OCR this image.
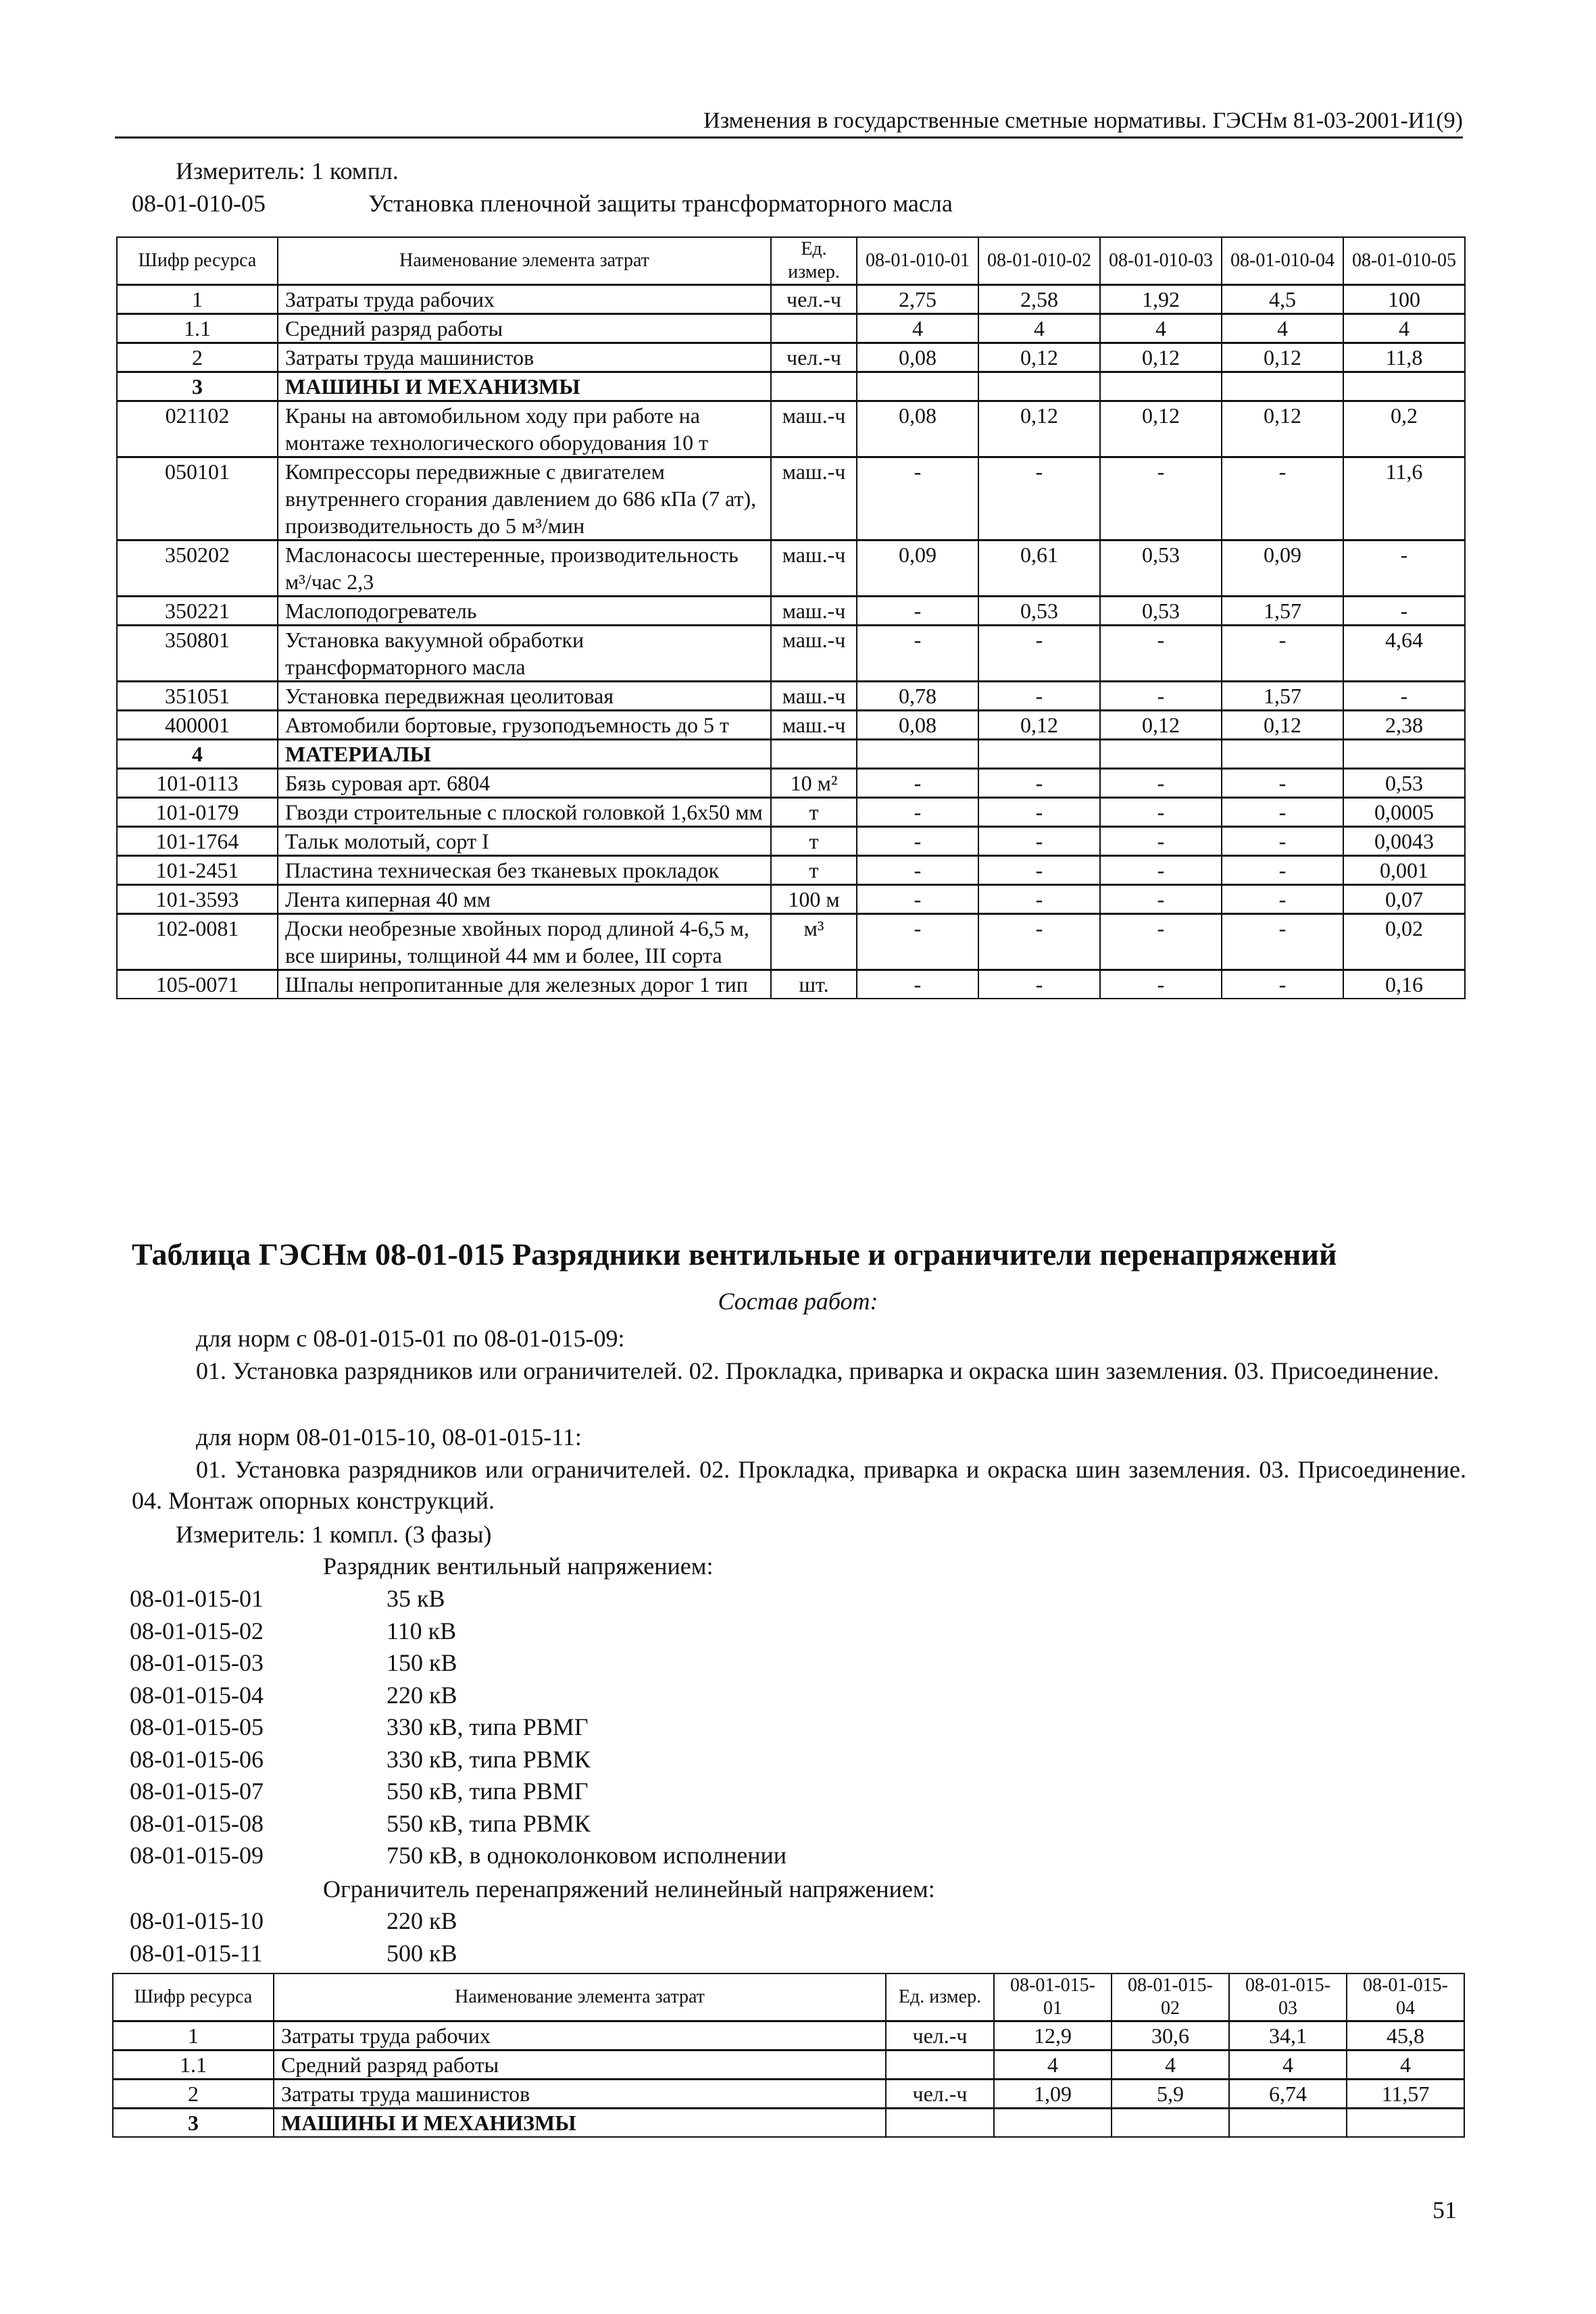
Изменения в государственные сметные нормативы. ГЭСНм 81-03-2001-И1(9)
Измеритель: 1 компл.
08-01-010-05	Установка пленочной защиты трансформаторного масла
Шифр ресурса	Наименование элемента затрат	Ед. измер.	08-01-010-01	08-01-010-02	08-01-010-03	08-01-010-04	08-01-010-05
1	Затраты труда рабочих	чел.-ч	2,75	2,58	1,92	4,5	100
1.1	Средний разряд работы		4	4	4	4	4
2	Затраты труда машинистов	чел.-ч	0,08	0,12	0,12	0,12	11,8
3	МАШИНЫ И МЕХАНИЗМЫ						
021102	Краны на автомобильном ходу при работе на монтаже технологического оборудования 10 т	маш.-ч	0,08	0,12	0,12	0,12	0,2
050101	Компрессоры передвижные с двигателем внутреннего сгорания давлением до 686 кПа (7 ат), производительность до 5 м³/мин	маш.-ч	-	-	-	-	11,6
350202	Маслонасосы шестеренные, производительность м³/час 2,3	маш.-ч	0,09	0,61	0,53	0,09	-
350221	Маслоподогреватель	маш.-ч	-	0,53	0,53	1,57	-
350801	Установка вакуумной обработки трансформаторного масла	маш.-ч	-	-	-	-	4,64
351051	Установка передвижная цеолитовая	маш.-ч	0,78	-	-	1,57	-
400001	Автомобили бортовые, грузоподъемность до 5 т	маш.-ч	0,08	0,12	0,12	0,12	2,38
4	МАТЕРИАЛЫ						
101-0113	Бязь суровая арт. 6804	10 м²	-	-	-	-	0,53
101-0179	Гвозди строительные с плоской головкой 1,6х50 мм	т	-	-	-	-	0,0005
101-1764	Тальк молотый, сорт I	т	-	-	-	-	0,0043
101-2451	Пластина техническая без тканевых прокладок	т	-	-	-	-	0,001
101-3593	Лента киперная 40 мм	100 м	-	-	-	-	0,07
102-0081	Доски необрезные хвойных пород длиной 4-6,5 м, все ширины, толщиной 44 мм и более, III сорта	м³	-	-	-	-	0,02
105-0071	Шпалы непропитанные для железных дорог 1 тип	шт.	-	-	-	-	0,16
Таблица ГЭСНм 08-01-015 Разрядники вентильные и ограничители перенапряжений
Состав работ:
для норм с 08-01-015-01 по 08-01-015-09:
01. Установка разрядников или ограничителей. 02. Прокладка, приварка и окраска шин заземления. 03. Присоединение.
для норм 08-01-015-10, 08-01-015-11:
01. Установка разрядников или ограничителей. 02. Прокладка, приварка и окраска шин заземления. 03. Присоединение. 04. Монтаж опорных конструкций.
Измеритель: 1 компл. (3 фазы)
Разрядник вентильный напряжением:
08-01-015-01	35 кВ
08-01-015-02	110 кВ
08-01-015-03	150 кВ
08-01-015-04	220 кВ
08-01-015-05	330 кВ, типа РВМГ
08-01-015-06	330 кВ, типа РВМК
08-01-015-07	550 кВ, типа РВМГ
08-01-015-08	550 кВ, типа РВМК
08-01-015-09	750 кВ, в одноколонковом исполнении
Ограничитель перенапряжений нелинейный напряжением:
08-01-015-10	220 кВ
08-01-015-11	500 кВ
Шифр ресурса	Наименование элемента затрат	Ед. измер.	08-01-015-01	08-01-015-02	08-01-015-03	08-01-015-04
1	Затраты труда рабочих	чел.-ч	12,9	30,6	34,1	45,8
1.1	Средний разряд работы		4	4	4	4
2	Затраты труда машинистов	чел.-ч	1,09	5,9	6,74	11,57
3	МАШИНЫ И МЕХАНИЗМЫ					
51
